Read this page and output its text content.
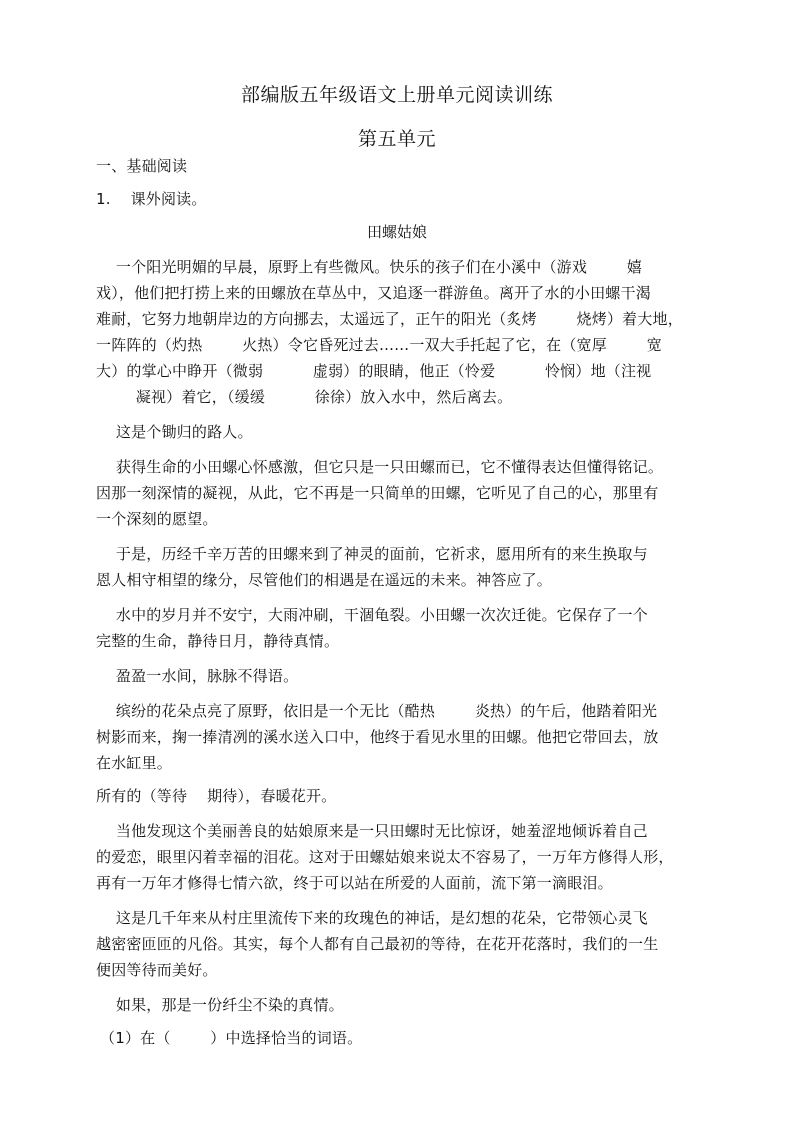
部编版五年级语文上册单元阅读训练
第五单元
一、基础阅读
1.    课外阅读。
田螺姑娘
一个阳光明媚的早晨，原野上有些微风。快乐的孩子们在小溪中（游戏        嬉
戏），他们把打捞上来的田螺放在草丛中，又追逐一群游鱼。离开了水的小田螺干渴
难耐，它努力地朝岸边的方向挪去，太遥远了，正午的阳光（炙烤        烧烤）着大地，
一阵阵的（灼热        火热）令它昏死过去……一双大手托起了它，在（宽厚        宽
大）的掌心中睁开（微弱          虚弱）的眼睛，他正（怜爱          怜悯）地（注视
凝视）着它，（缓缓          徐徐）放入水中，然后离去。
这是个锄归的路人。
获得生命的小田螺心怀感激，但它只是一只田螺而已，它不懂得表达但懂得铭记。
因那一刻深情的凝视，从此，它不再是一只简单的田螺，它听见了自己的心，那里有
一个深刻的愿望。
于是，历经千辛万苦的田螺来到了神灵的面前，它祈求，愿用所有的来生换取与
恩人相守相望的缘分，尽管他们的相遇是在遥远的未来。神答应了。
水中的岁月并不安宁，大雨冲刷，干涸龟裂。小田螺一次次迁徙。它保存了一个
完整的生命，静待日月，静待真情。
盈盈一水间，脉脉不得语。
缤纷的花朵点亮了原野，依旧是一个无比（酷热        炎热）的午后，他踏着阳光
树影而来，掬一捧清冽的溪水送入口中，他终于看见水里的田螺。他把它带回去，放
在水缸里。
所有的（等待    期待），春暖花开。
当他发现这个美丽善良的姑娘原来是一只田螺时无比惊讶，她羞涩地倾诉着自己
的爱恋，眼里闪着幸福的泪花。这对于田螺姑娘来说太不容易了，一万年方修得人形，
再有一万年才修得七情六欲，终于可以站在所爱的人面前，流下第一滴眼泪。
这是几千年来从村庄里流传下来的玫瑰色的神话，是幻想的花朵，它带领心灵飞
越密密匝匝的凡俗。其实，每个人都有自己最初的等待，在花开花落时，我们的一生
便因等待而美好。
如果，那是一份纤尘不染的真情。
（1）在（        ）中选择恰当的词语。
